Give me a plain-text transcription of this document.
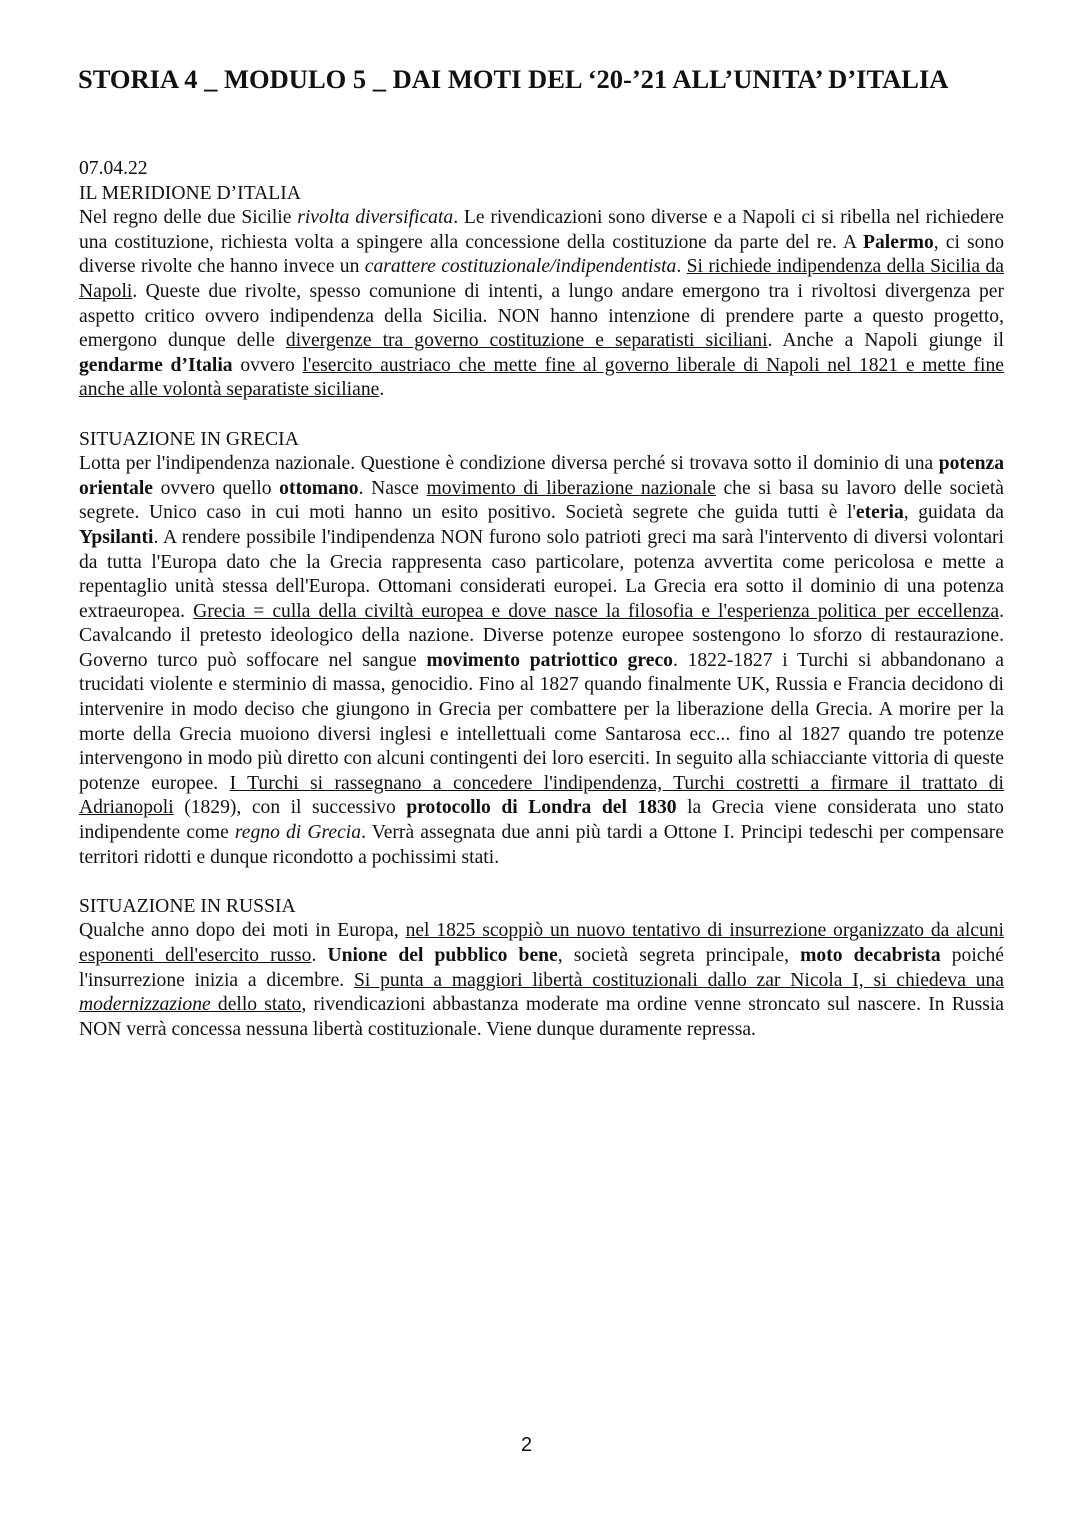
STORIA 4 _ MODULO 5 _ DAI MOTI DEL ‘20-’21 ALL’UNITA’ D’ITALIA
07.04.22
IL MERIDIONE D’ITALIA

Nel regno delle due Sicilie rivolta diversificata. Le rivendicazioni sono diverse e a Napoli ci si ribella nel richiedere una costituzione, richiesta volta a spingere alla concessione della costituzione da parte del re. A Palermo, ci sono diverse rivolte che hanno invece un carattere costituzionale/indipendentista. Si richiede indipendenza della Sicilia da Napoli. Queste due rivolte, spesso comunione di intenti, a lungo andare emergono tra i rivoltosi divergenza per aspetto critico ovvero indipendenza della Sicilia. NON hanno intenzione di prendere parte a questo progetto, emergono dunque delle divergenze tra governo costituzione e separatisti siciliani. Anche a Napoli giunge il gendarme d’Italia ovvero l'esercito austriaco che mette fine al governo liberale di Napoli nel 1821 e mette fine anche alle volontà separatiste siciliane.

SITUAZIONE IN GRECIA

Lotta per l'indipendenza nazionale. Questione è condizione diversa perché si trovava sotto il dominio di una potenza orientale ovvero quello ottomano. Nasce movimento di liberazione nazionale che si basa su lavoro delle società segrete. Unico caso in cui moti hanno un esito positivo. Società segrete che guida tutti è l'eteria, guidata da Ypsilanti. A rendere possibile l'indipendenza NON furono solo patrioti greci ma sarà l'intervento di diversi volontari da tutta l'Europa dato che la Grecia rappresenta caso particolare, potenza avvertita come pericolosa e mette a repentaglio unità stessa dell'Europa. Ottomani considerati europei. La Grecia era sotto il dominio di una potenza extraeuropea. Grecia = culla della civiltà europea e dove nasce la filosofia e l'esperienza politica per eccellenza. Cavalcando il pretesto ideologico della nazione. Diverse potenze europee sostengono lo sforzo di restaurazione. Governo turco può soffocare nel sangue movimento patriottico greco. 1822-1827 i Turchi si abbandonano a trucidati violente e sterminio di massa, genocidio. Fino al 1827 quando finalmente UK, Russia e Francia decidono di intervenire in modo deciso che giungono in Grecia per combattere per la liberazione della Grecia. A morire per la morte della Grecia muoiono diversi inglesi e intellettuali come Santarosa ecc... fino al 1827 quando tre potenze intervengono in modo più diretto con alcuni contingenti dei loro eserciti. In seguito alla schiacciante vittoria di queste potenze europee. I Turchi si rassegnano a concedere l'indipendenza, Turchi costretti a firmare il trattato di Adrianopoli (1829), con il successivo protocollo di Londra del 1830 la Grecia viene considerata uno stato indipendente come regno di Grecia. Verrà assegnata due anni più tardi a Ottone I. Principi tedeschi per compensare territori ridotti e dunque ricondotto a pochissimi stati.

SITUAZIONE IN RUSSIA

Qualche anno dopo dei moti in Europa, nel 1825 scoppiò un nuovo tentativo di insurrezione organizzato da alcuni esponenti dell'esercito russo. Unione del pubblico bene, società segreta principale, moto decabrista poiché l'insurrezione inizia a dicembre. Si punta a maggiori libertà costituzionali dallo zar Nicola I, si chiedeva una modernizzazione dello stato, rivendicazioni abbastanza moderate ma ordine venne stroncato sul nascere. In Russia NON verrà concessa nessuna libertà costituzionale. Viene dunque duramente repressa.

2
